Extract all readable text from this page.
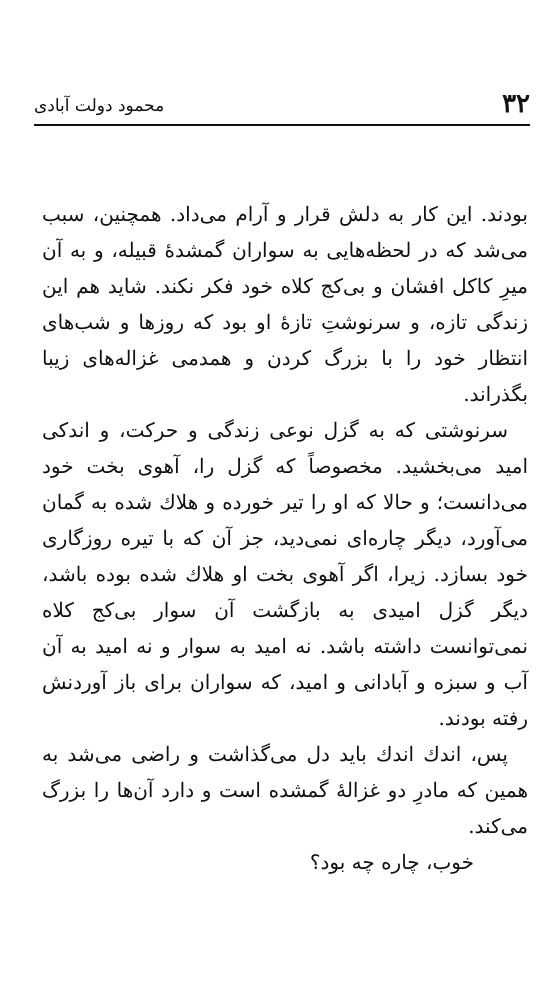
۳۲
محمود دولت آبادی

بودند. این کار به دلش قرار و آرام می‌داد. همچنین، سبب می‌شد که در لحظه‌هایی به سواران گمشدهٔ قبیله، و به آن میرِ کاکل افشان و بی‌کج کلاه خود فکر نکند. شاید هم این زندگی تازه، و سرنوشتِ تازهٔ او بود که روزها و شب‌های انتظار خود را با بزرگ کردن و همدمی غزاله‌های زیبا بگذراند.

سرنوشتی که به گزل نوعی زندگی و حرکت، و اندکی امید می‌بخشید. مخصوصاً که گزل را، آهوی بخت خود می‌دانست؛ و حالا که او را تیر خورده و هلاك شده به گمان می‌آورد، دیگر چاره‌ای نمی‌دید، جز آن که با تیره روزگاری خود بسازد. زیرا، اگر آهوی بخت او هلاك شده بوده باشد، دیگر گزل امیدی به بازگشت آن سوار بی‌کج کلاه نمی‌توانست داشته باشد. نه امید به سوار و نه امید به آن آب و سبزه و آبادانی و امید، که سواران برای باز آوردنش رفته بودند.

پس، اندك اندك باید دل می‌گذاشت و راضی می‌شد به همین که مادرِ دو غزالهٔ گمشده است و دارد آن‌ها را بزرگ می‌کند.

خوب، چاره چه بود؟
